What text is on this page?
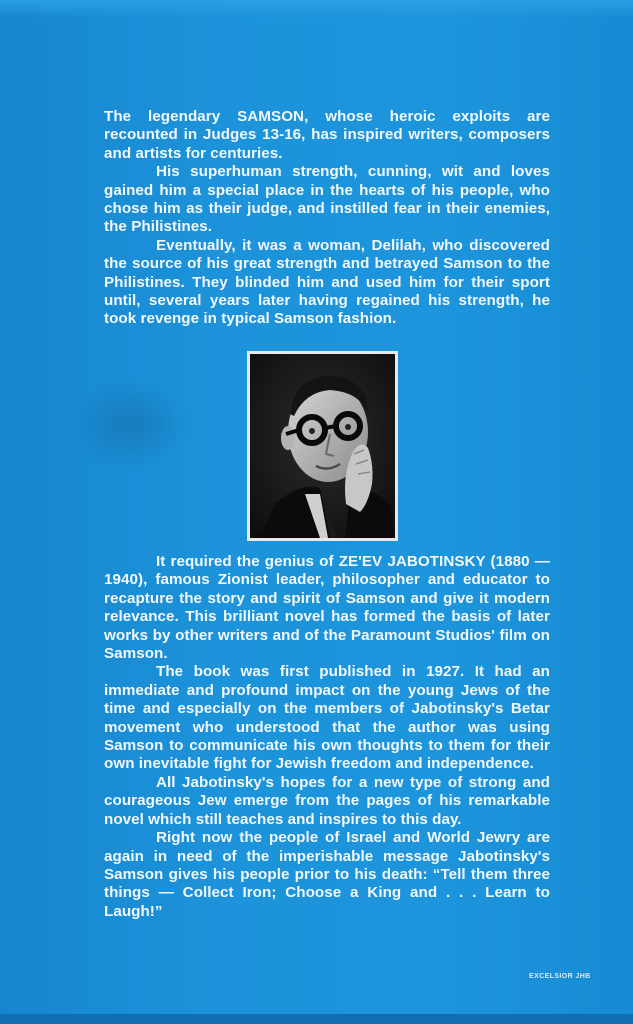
The legendary SAMSON, whose heroic exploits are recounted in Judges 13-16, has inspired writers, composers and artists for centuries.

His superhuman strength, cunning, wit and loves gained him a special place in the hearts of his people, who chose him as their judge, and instilled fear in their enemies, the Philistines.

Eventually, it was a woman, Delilah, who discovered the source of his great strength and betrayed Samson to the Philistines. They blinded him and used him for their sport until, several years later having regained his strength, he took revenge in typical Samson fashion.

It required the genius of ZE'EV JABOTINSKY (1880 — 1940), famous Zionist leader, philosopher and educator to recapture the story and spirit of Samson and give it modern relevance. This brilliant novel has formed the basis of later works by other writers and of the Paramount Studios' film on Samson.

The book was first published in 1927. It had an immediate and profound impact on the young Jews of the time and especially on the members of Jabotinsky's Betar movement who understood that the author was using Samson to communicate his own thoughts to them for their own inevitable fight for Jewish freedom and independence.

All Jabotinsky's hopes for a new type of strong and courageous Jew emerge from the pages of his remarkable novel which still teaches and inspires to this day.

Right now the people of Israel and World Jewry are again in need of the imperishable message Jabotinsky's Samson gives his people prior to his death: “Tell them three things — Collect Iron; Choose a King and . . . Learn to Laugh!”

EXCELSIOR JHB
